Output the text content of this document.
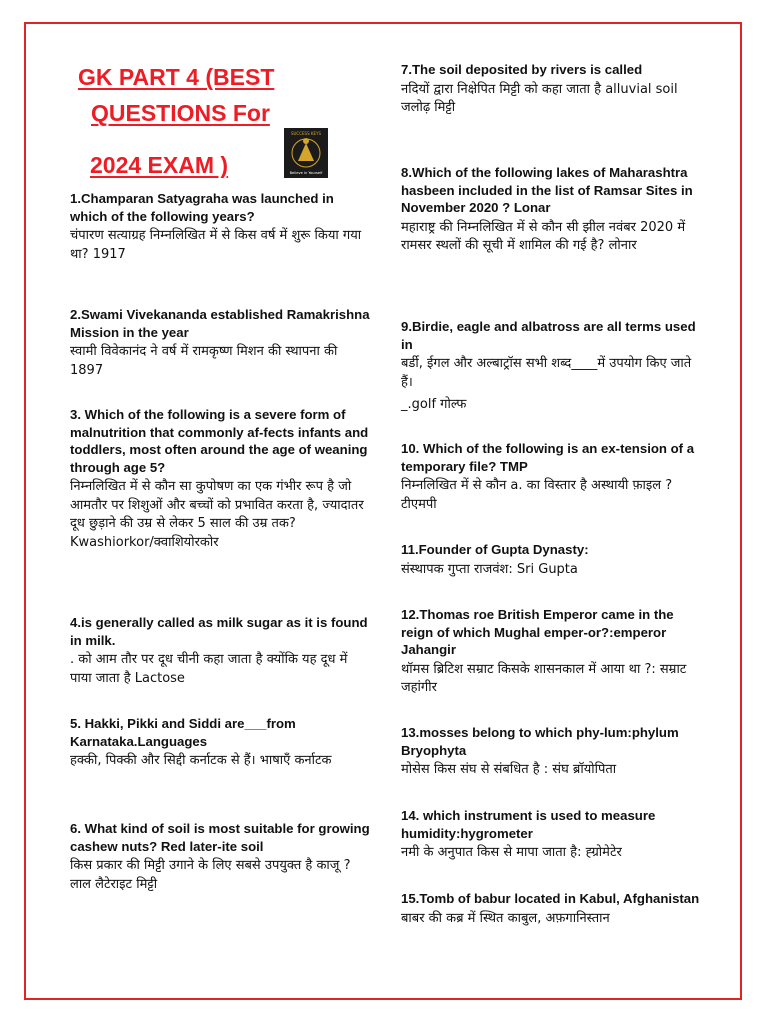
GK PART 4 (BEST
QUESTIONS For
2024 EXAM )
SUCCESS KEYS
Believe in Yourself
1.Champaran Satyagraha was launched in which of the following years?
चंपारण सत्याग्रह निम्नलिखित में से किस वर्ष में शुरू किया गया था? 1917
2.Swami Vivekananda established Ramakrishna Mission in the year
स्वामी विवेकानंद ने वर्ष में रामकृष्ण मिशन की स्थापना की 1897
3. Which of the following is a severe form of malnutrition that commonly af-fects infants and toddlers, most often around the age of weaning through age 5?
निम्नलिखित में से कौन सा कुपोषण का एक गंभीर रूप है जो आमतौर पर शिशुओं और बच्चों को प्रभावित करता है, ज्यादातर दूध छुड़ाने की उम्र से लेकर 5 साल की उम्र तक? Kwashiorkor/क्वाशियोरकोर
4.is generally called as milk sugar as it is found in milk.
. को आम तौर पर दूध चीनी कहा जाता है क्योंकि यह दूध में पाया जाता है Lactose
5. Hakki, Pikki and Siddi are___from Karnataka.Languages
हक्की, पिक्की और सिद्दी कर्नाटक से हैं। भाषाएँ कर्नाटक
6. What kind of soil is most suitable for growing cashew nuts? Red later-ite soil
किस प्रकार की मिट्टी उगाने के लिए सबसे उपयुक्त है काजू ? लाल लैटेराइट मिट्टी
7.The soil deposited by rivers is called
नदियों द्वारा निक्षेपित मिट्टी को कहा जाता है alluvial soil जलोढ़ मिट्टी
8.Which of the following lakes of Maharashtra hasbeen included in the list of Ramsar Sites in November 2020 ? Lonar
महाराष्ट्र की निम्नलिखित में से कौन सी झील नवंबर 2020 में रामसर स्थलों की सूची में शामिल की गई है? लोनार
9.Birdie, eagle and albatross are all terms used in
बर्डी, ईगल और अल्बाट्रॉस सभी शब्द____में उपयोग किए जाते हैं।
_.golf गोल्फ
10. Which of the following is an ex-tension of a temporary file? TMP
निम्नलिखित में से कौन a. का विस्तार है अस्थायी फ़ाइल ? टीएमपी
11.Founder of Gupta Dynasty:
संस्थापक गुप्ता राजवंश: Sri Gupta
12.Thomas roe British Emperor came in the reign of which Mughal emper-or?:emperor Jahangir
थॉमस ब्रिटिश सम्राट किसके शासनकाल में आया था ?: सम्राट जहांगीर
13.mosses belong to which phy-lum:phylum Bryophyta
मोसेस किस संघ से संबधित है : संघ ब्रॉयोपिता
14. which instrument is used to measure humidity:hygrometer
नमी के अनुपात किस से मापा जाता है: ह्ग्रोमेटेर
15.Tomb of babur located in Kabul, Afghanistan
बाबर की कब्र में स्थित काबुल, अफ़गानिस्तान
